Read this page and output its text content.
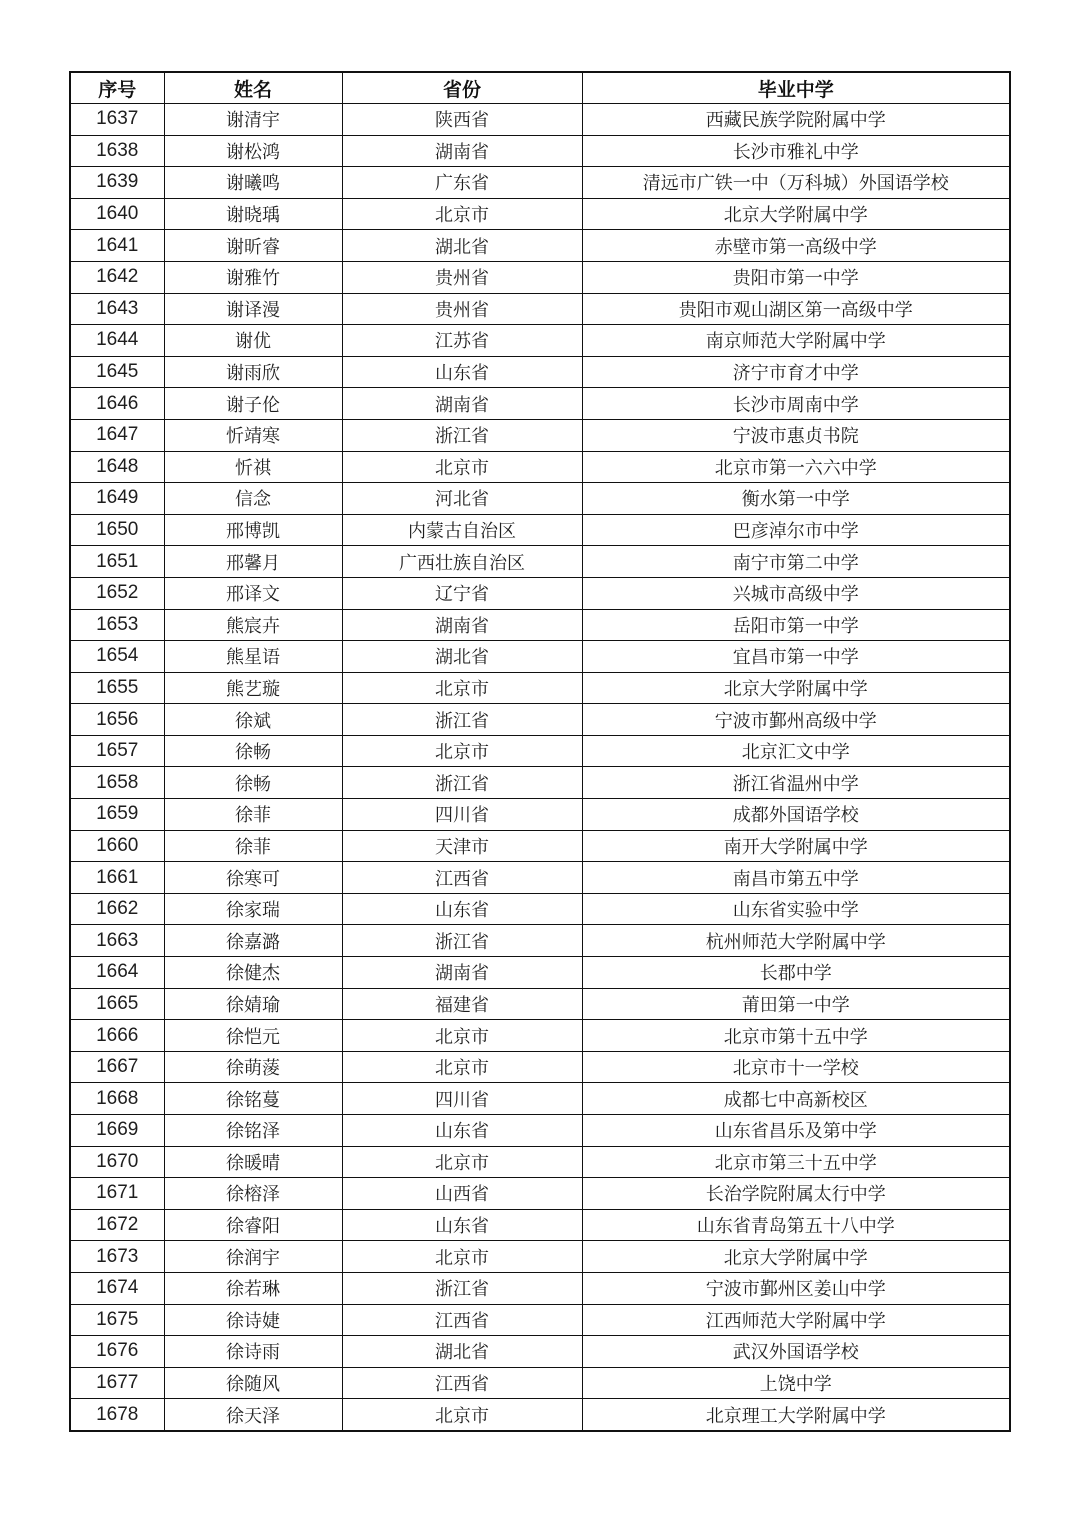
序号	姓名	省份	毕业中学
1637	谢清宇	陕西省	西藏民族学院附属中学
1638	谢松鸿	湖南省	长沙市雅礼中学
1639	谢曦鸣	广东省	清远市广铁一中（万科城）外国语学校
1640	谢晓瑀	北京市	北京大学附属中学
1641	谢昕睿	湖北省	赤壁市第一高级中学
1642	谢雅竹	贵州省	贵阳市第一中学
1643	谢译漫	贵州省	贵阳市观山湖区第一高级中学
1644	谢优	江苏省	南京师范大学附属中学
1645	谢雨欣	山东省	济宁市育才中学
1646	谢子伦	湖南省	长沙市周南中学
1647	忻靖寒	浙江省	宁波市惠贞书院
1648	忻祺	北京市	北京市第一六六中学
1649	信念	河北省	衡水第一中学
1650	邢博凯	内蒙古自治区	巴彦淖尔市中学
1651	邢馨月	广西壮族自治区	南宁市第二中学
1652	邢译文	辽宁省	兴城市高级中学
1653	熊宸卉	湖南省	岳阳市第一中学
1654	熊星语	湖北省	宜昌市第一中学
1655	熊艺璇	北京市	北京大学附属中学
1656	徐斌	浙江省	宁波市鄞州高级中学
1657	徐畅	北京市	北京汇文中学
1658	徐畅	浙江省	浙江省温州中学
1659	徐菲	四川省	成都外国语学校
1660	徐菲	天津市	南开大学附属中学
1661	徐寒可	江西省	南昌市第五中学
1662	徐家瑞	山东省	山东省实验中学
1663	徐嘉潞	浙江省	杭州师范大学附属中学
1664	徐健杰	湖南省	长郡中学
1665	徐婧瑜	福建省	莆田第一中学
1666	徐恺元	北京市	北京市第十五中学
1667	徐萌蔆	北京市	北京市十一学校
1668	徐铭蔓	四川省	成都七中高新校区
1669	徐铭泽	山东省	山东省昌乐及第中学
1670	徐暖晴	北京市	北京市第三十五中学
1671	徐榕泽	山西省	长治学院附属太行中学
1672	徐睿阳	山东省	山东省青岛第五十八中学
1673	徐润宇	北京市	北京大学附属中学
1674	徐若琳	浙江省	宁波市鄞州区姜山中学
1675	徐诗婕	江西省	江西师范大学附属中学
1676	徐诗雨	湖北省	武汉外国语学校
1677	徐随风	江西省	上饶中学
1678	徐天泽	北京市	北京理工大学附属中学
